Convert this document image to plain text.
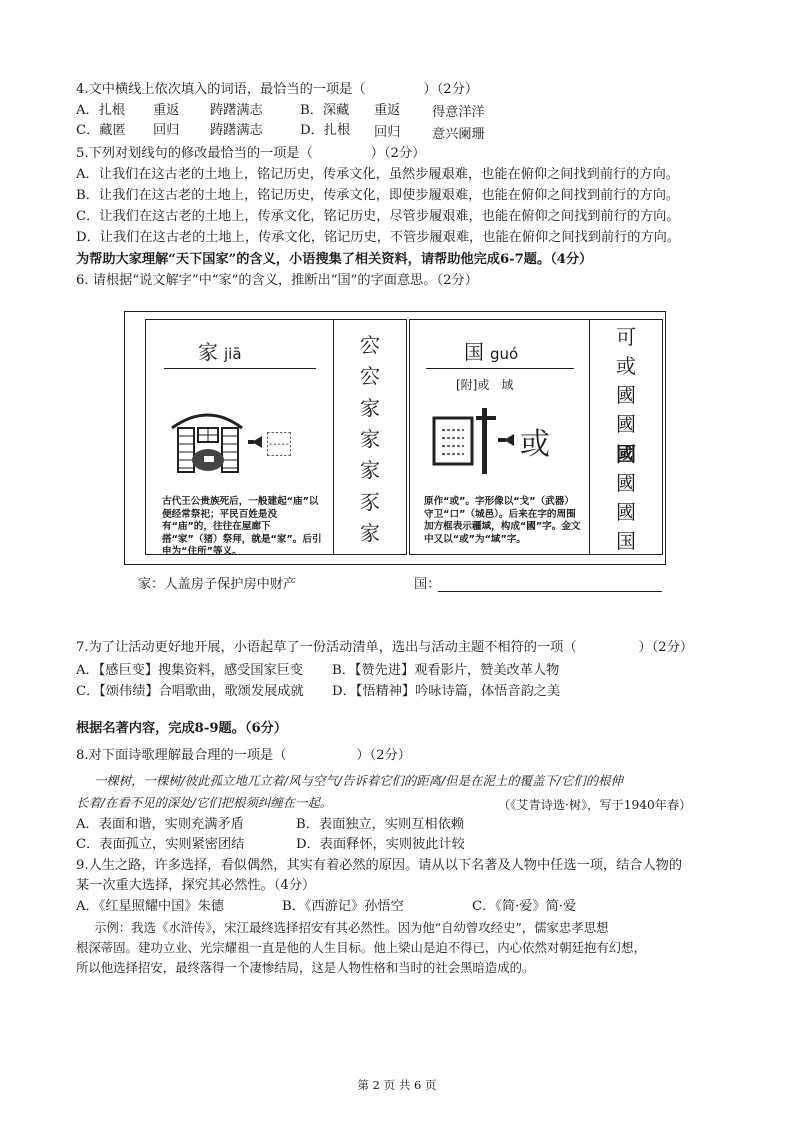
4.文中横线上依次填入的词语，最恰当的一项是（	）（2分）
A．扎根 重返 踌躇满志	B．深藏 重返 得意洋洋
C．藏匿 回归 踌躇满志	D．扎根 回归 意兴阑珊
5.下列对划线句的修改最恰当的一项是（	）（2分）
A．让我们在这古老的土地上，铭记历史，传承文化，虽然步履艰难，也能在俯仰之间找到前行的方向。
B．让我们在这古老的土地上，铭记历史，传承文化，即使步履艰难，也能在俯仰之间找到前行的方向。
C．让我们在这古老的土地上，传承文化，铭记历史，尽管步履艰难，也能在俯仰之间找到前行的方向。
D．让我们在这古老的土地上，传承文化，铭记历史，不管步履艰难，也能在俯仰之间找到前行的方向。
为帮助大家理解“天下国家”的含义，小语搜集了相关资料，请帮助他完成6-7题。（4分）
6. 请根据“说文解字”中“家”的含义，推断出“国”的字面意思。（2分）
家 jiā
⿱
古代王公贵族死后，一般建起“庙”以便经常祭祀；平民百姓是没有“庙”的，往往在屋廊下搭“家”（猪）祭拜，就是“家”。后引申为“住所”等义。
㝐
㝐
家
家
家
豕
家
国 guó
[附]或　域
或
原作“或”。字形像以“戈”（武器）守卫“口”（城邑）。后来在字的周围加方框表示疆域，构成“國”字。金文中又以“或”为“域”字。
可
或
國
國
國
國
國
国
家：人盖房子保护房中财产	国：
7.为了让活动更好地开展，小语起草了一份活动清单，选出与活动主题不相符的一项（	）（2分）
A．【感巨变】搜集资料，感受国家巨变 B．【赞先进】观看影片，赞美改革人物
C．【颂伟绩】合唱歌曲，歌颂发展成就 D．【悟精神】吟咏诗篇，体悟音韵之美
根据名著内容，完成8-9题。（6分）
8.对下面诗歌理解最合理的一项是（	）（2分）
一棵树，一棵树/彼此孤立地兀立着/风与空气/告诉着它们的距离/但是在泥土的覆盖下/它们的根伸
长着/在看不见的深处/它们把根须纠缠在一起。	（《艾青诗选·树》，写于1940年春）
A．表面和谐，实则充满矛盾	B．表面独立，实则互相依赖
C．表面孤立，实则紧密团结	D．表面释怀，实则彼此计较
9.人生之路，许多选择，看似偶然，其实有着必然的原因。请从以下名著及人物中任选一项，结合人物的
某一次重大选择，探究其必然性。（4分）
A．《红星照耀中国》朱德	B．《西游记》孙悟空	C．《简·爱》简·爱
示例：我选《水浒传》，宋江最终选择招安有其必然性。因为他“自幼曾攻经史”，儒家忠孝思想
根深蒂固。建功立业、光宗耀祖一直是他的人生目标。他上梁山是迫不得已，内心依然对朝廷抱有幻想，
所以他选择招安，最终落得一个凄惨结局，这是人物性格和当时的社会黑暗造成的。
第 2 页 共 6 页
